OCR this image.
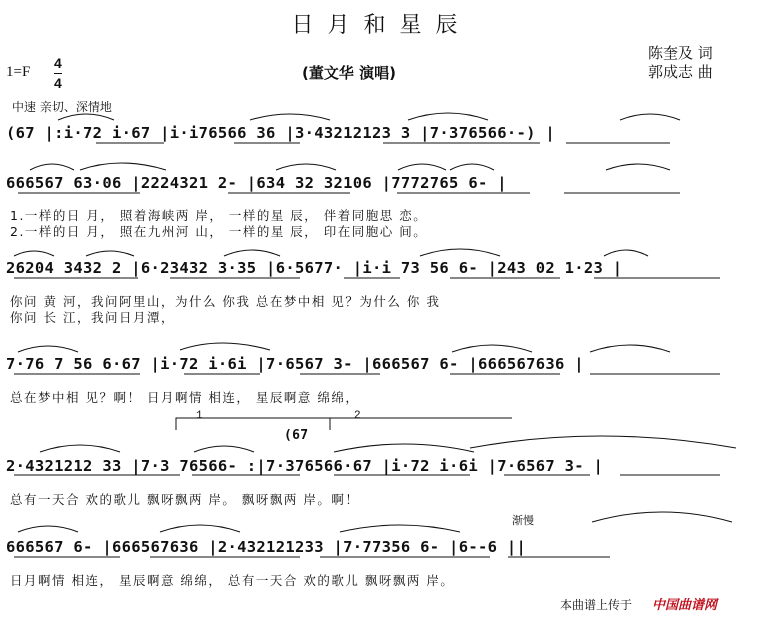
日月和星辰
1=F
4
4
(董文华 演唱)
陈奎及 词
郭成志 曲
中速 亲切、深情地
(67 |:i·72 i·67 |i·i76566 36 |3·43212123 3 |7·376566·-) |
666567 63·06 |2224321 2- |634 32 32106 |7772765 6- |
1.一样的日 月， 照着海峡两 岸， 一样的星 辰， 伴着同胞思 恋。
2.一样的日 月， 照在九州河 山， 一样的星 辰， 印在同胞心 间。
26204 3432 2 |6·23432 3·35 |6·5677· |i·i 73 56 6- |243 02 1·23 |
你问 黄 河，我问阿里山，为什么 你我 总在梦中相 见？为什么 你 我
你问 长 江，我问日月潭，
7·76 7 56 6·67 |i·72 i·6i |7·6567 3- |666567 6- |666567636 |
总在梦中相 见？啊！ 日月啊情 相连， 星辰啊意 绵绵，
1	2
(67
2·4321212 33 |7·3 76566- :|7·376566·67 |i·72 i·6i |7·6567 3- |
总有一天合 欢的歌儿 飘呀飘两 岸。 飘呀飘两 岸。啊！
渐慢
666567 6- |666567636 |2·432121233 |7·77356 6- |6--6 ||
日月啊情 相连， 星辰啊意 绵绵， 总有一天合 欢的歌儿 飘呀飘两 岸。
本曲谱上传于 中国曲谱网
